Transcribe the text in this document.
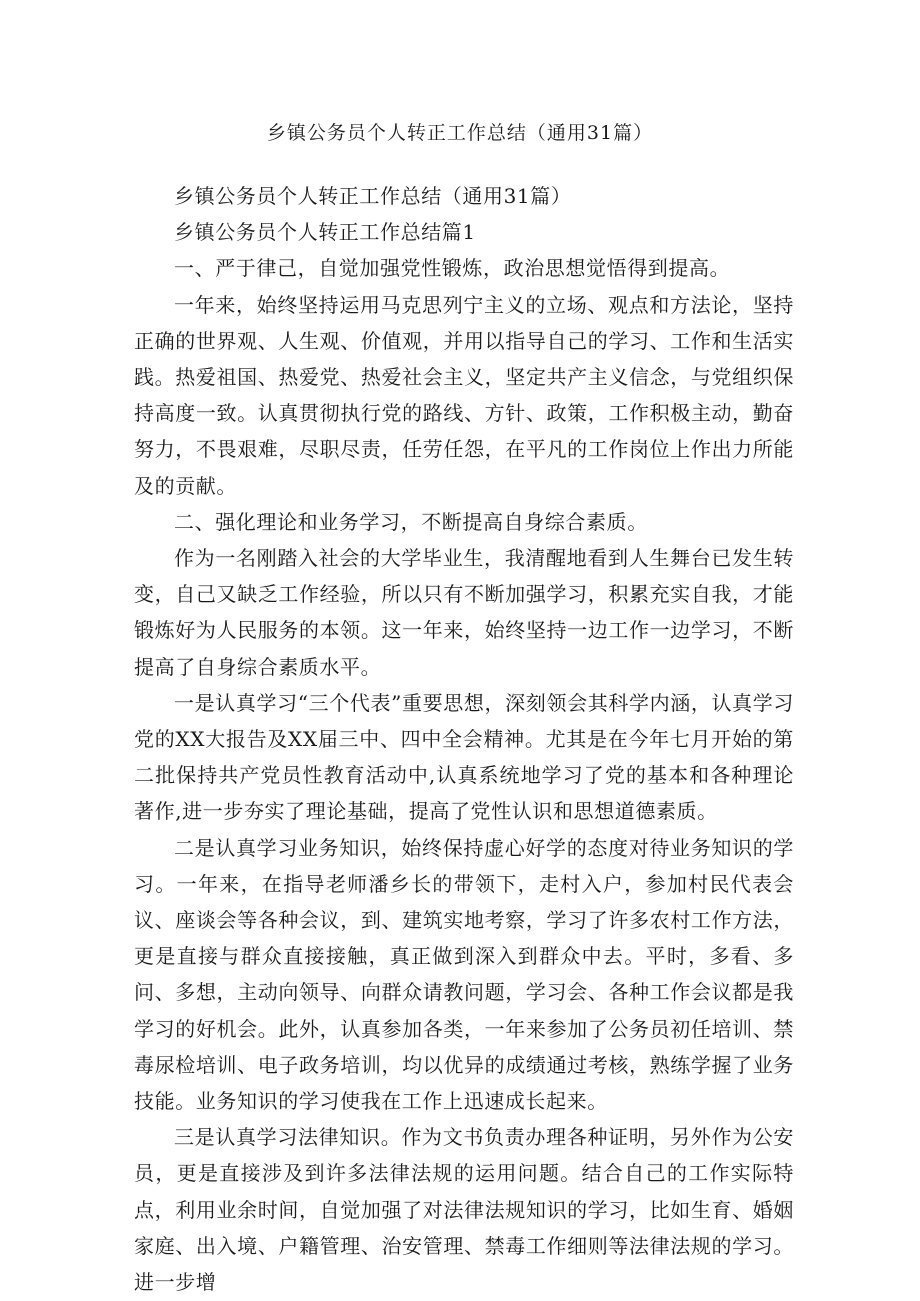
乡镇公务员个人转正工作总结（通用31篇）

乡镇公务员个人转正工作总结（通用31篇）

乡镇公务员个人转正工作总结篇1

一、严于律己，自觉加强党性锻炼，政治思想觉悟得到提高。

一年来，始终坚持运用马克思列宁主义的立场、观点和方法论，坚持正确的世界观、人生观、价值观，并用以指导自己的学习、工作和生活实践。热爱祖国、热爱党、热爱社会主义，坚定共产主义信念，与党组织保持高度一致。认真贯彻执行党的路线、方针、政策，工作积极主动，勤奋努力，不畏艰难，尽职尽责，任劳任怨，在平凡的工作岗位上作出力所能及的贡献。

二、强化理论和业务学习，不断提高自身综合素质。

作为一名刚踏入社会的大学毕业生，我清醒地看到人生舞台已发生转变，自己又缺乏工作经验，所以只有不断加强学习，积累充实自我，才能锻炼好为人民服务的本领。这一年来，始终坚持一边工作一边学习，不断提高了自身综合素质水平。

一是认真学习“三个代表”重要思想，深刻领会其科学内涵，认真学习党的XX大报告及XX届三中、四中全会精神。尤其是在今年七月开始的第二批保持共产党员性教育活动中,认真系统地学习了党的基本和各种理论著作,进一步夯实了理论基础，提高了党性认识和思想道德素质。

二是认真学习业务知识，始终保持虚心好学的态度对待业务知识的学习。一年来，在指导老师潘乡长的带领下，走村入户，参加村民代表会议、座谈会等各种会议，到、建筑实地考察，学习了许多农村工作方法，更是直接与群众直接接触，真正做到深入到群众中去。平时，多看、多问、多想，主动向领导、向群众请教问题，学习会、各种工作会议都是我学习的好机会。此外，认真参加各类，一年来参加了公务员初任培训、禁毒尿检培训、电子政务培训，均以优异的成绩通过考核，熟练学握了业务技能。业务知识的学习使我在工作上迅速成长起来。

三是认真学习法律知识。作为文书负责办理各种证明，另外作为公安员，更是直接涉及到许多法律法规的运用问题。结合自己的工作实际特点，利用业余时间，自觉加强了对法律法规知识的学习，比如生育、婚姻家庭、出入境、户籍管理、治安管理、禁毒工作细则等法律法规的学习。进一步增
